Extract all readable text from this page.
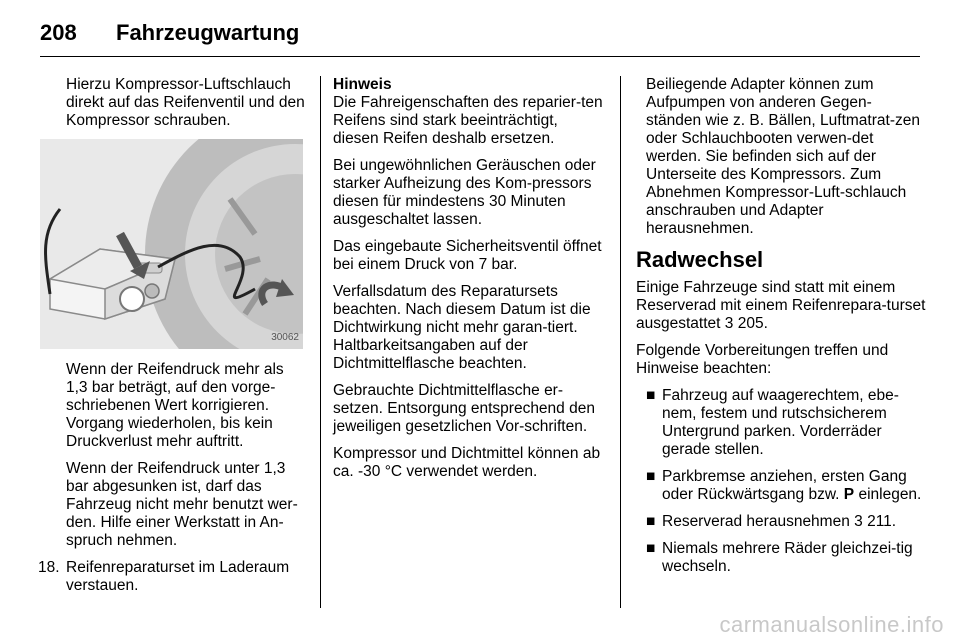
208 Fahrzeugwartung

Hierzu Kompressor-Luftschlauch direkt auf das Reifenventil und den Kompressor schrauben.

30062

Wenn der Reifendruck mehr als 1,3 bar beträgt, auf den vorge-schriebenen Wert korrigieren. Vorgang wiederholen, bis kein Druckverlust mehr auftritt.

Wenn der Reifendruck unter 1,3 bar abgesunken ist, darf das Fahrzeug nicht mehr benutzt wer-den. Hilfe einer Werkstatt in An-spruch nehmen.

18. Reifenreparaturset im Laderaum verstauen.

Hinweis

Die Fahreigenschaften des reparier-ten Reifens sind stark beeinträchtigt, diesen Reifen deshalb ersetzen.

Bei ungewöhnlichen Geräuschen oder starker Aufheizung des Kom-pressors diesen für mindestens 30 Minuten ausgeschaltet lassen.

Das eingebaute Sicherheitsventil öffnet bei einem Druck von 7 bar.

Verfallsdatum des Reparatursets beachten. Nach diesem Datum ist die Dichtwirkung nicht mehr garan-tiert. Haltbarkeitsangaben auf der Dichtmittelflasche beachten.

Gebrauchte Dichtmittelflasche er-setzen. Entsorgung entsprechend den jeweiligen gesetzlichen Vor-schriften.

Kompressor und Dichtmittel können ab ca. -30 °C verwendet werden.

Beiliegende Adapter können zum Aufpumpen von anderen Gegen-ständen wie z. B. Bällen, Luftmatrat-zen oder Schlauchbooten verwen-det werden. Sie befinden sich auf der Unterseite des Kompressors. Zum Abnehmen Kompressor-Luft-schlauch anschrauben und Adapter herausnehmen.

Radwechsel

Einige Fahrzeuge sind statt mit einem Reserverad mit einem Reifenrepara-turset ausgestattet 3 205.

Folgende Vorbereitungen treffen und Hinweise beachten:

■ Fahrzeug auf waagerechtem, ebe-nem, festem und rutschsicherem Untergrund parken. Vorderräder gerade stellen.
■ Parkbremse anziehen, ersten Gang oder Rückwärtsgang bzw. P einlegen.
■ Reserverad herausnehmen 3 211.
■ Niemals mehrere Räder gleichzei-tig wechseln.
carmanualsonline.info
